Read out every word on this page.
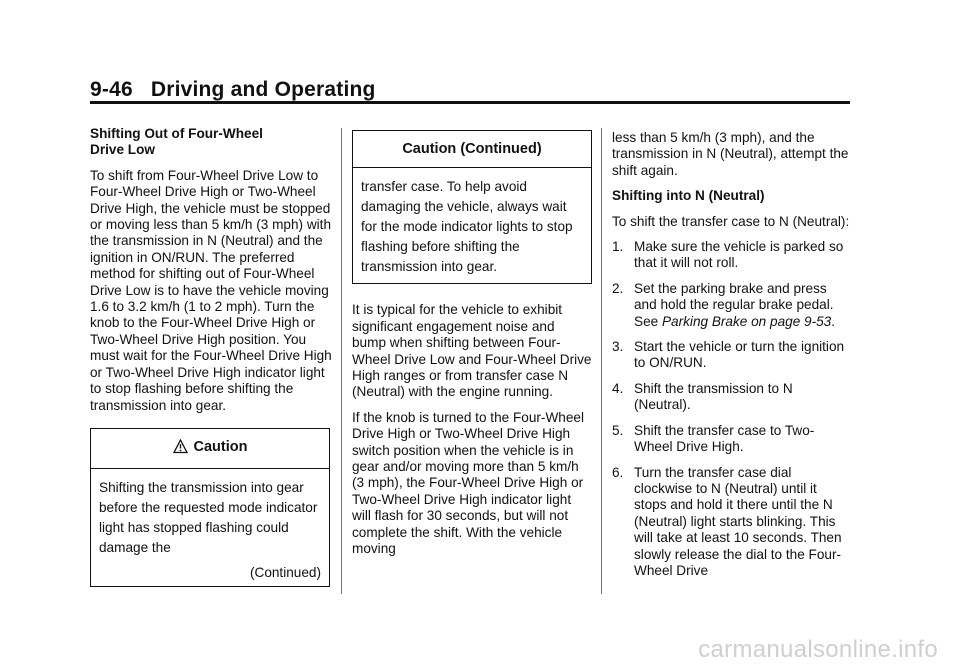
9-46 Driving and Operating

Shifting Out of Four-Wheel
Drive Low

To shift from Four-Wheel Drive Low to Four-Wheel Drive High or Two-Wheel Drive High, the vehicle must be stopped or moving less than 5 km/h (3 mph) with the transmission in N (Neutral) and the ignition in ON/RUN. The preferred method for shifting out of Four-Wheel Drive Low is to have the vehicle moving 1.6 to 3.2 km/h (1 to 2 mph). Turn the knob to the Four-Wheel Drive High or Two-Wheel Drive High position. You must wait for the Four-Wheel Drive High or Two-Wheel Drive High indicator light to stop flashing before shifting the transmission into gear.

Caution
Shifting the transmission into gear before the requested mode indicator light has stopped flashing could damage the
(Continued)
Caution (Continued)
transfer case. To help avoid damaging the vehicle, always wait for the mode indicator lights to stop flashing before shifting the transmission into gear.

It is typical for the vehicle to exhibit significant engagement noise and bump when shifting between Four-Wheel Drive Low and Four-Wheel Drive High ranges or from transfer case N (Neutral) with the engine running.

If the knob is turned to the Four-Wheel Drive High or Two-Wheel Drive High switch position when the vehicle is in gear and/or moving more than 5 km/h (3 mph), the Four-Wheel Drive High or Two-Wheel Drive High indicator light will flash for 30 seconds, but will not complete the shift. With the vehicle moving

less than 5 km/h (3 mph), and the transmission in N (Neutral), attempt the shift again.

Shifting into N (Neutral)

To shift the transfer case to N (Neutral):

1. Make sure the vehicle is parked so that it will not roll.
2. Set the parking brake and press and hold the regular brake pedal. See Parking Brake on page 9-53.
3. Start the vehicle or turn the ignition to ON/RUN.
4. Shift the transmission to N (Neutral).
5. Shift the transfer case to Two-Wheel Drive High.
6. Turn the transfer case dial clockwise to N (Neutral) until it stops and hold it there until the N (Neutral) light starts blinking. This will take at least 10 seconds. Then slowly release the dial to the Four-Wheel Drive
carmanualsonline.info
